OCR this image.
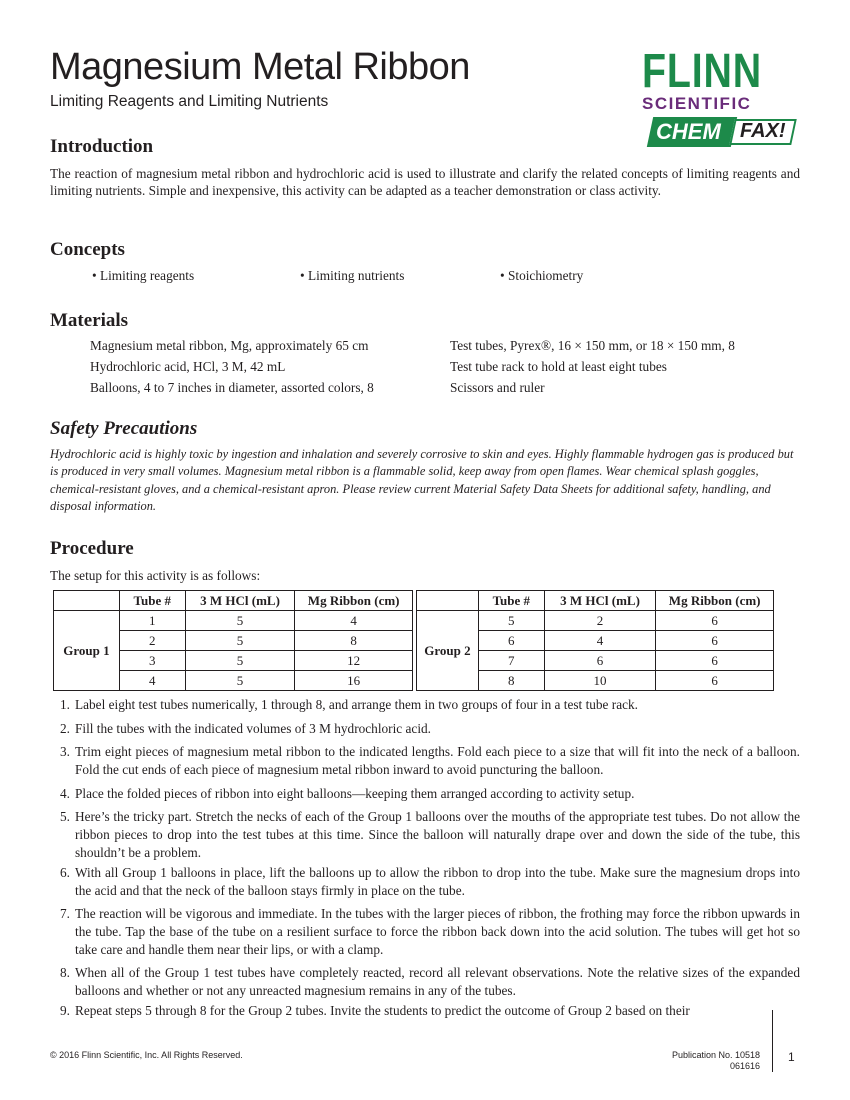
Magnesium Metal Ribbon
Limiting Reagents and Limiting Nutrients
FLINN
SCIENTIFIC
CHEM FAX!
Introduction
The reaction of magnesium metal ribbon and hydrochloric acid is used to illustrate and clarify the related concepts of limiting reagents and limiting nutrients. Simple and inexpensive, this activity can be adapted as a teacher demonstration or class activity.
Concepts
• Limiting reagents	• Limiting nutrients	• Stoichiometry
Materials
Magnesium metal ribbon, Mg, approximately 65 cm
Hydrochloric acid, HCl, 3 M, 42 mL
Balloons, 4 to 7 inches in diameter, assorted colors, 8
Test tubes, Pyrex®, 16 × 150 mm, or 18 × 150 mm, 8
Test tube rack to hold at least eight tubes
Scissors and ruler
Safety Precautions
Hydrochloric acid is highly toxic by ingestion and inhalation and severely corrosive to skin and eyes. Highly flammable hydrogen gas is produced but is produced in very small volumes. Magnesium metal ribbon is a flammable solid, keep away from open flames. Wear chemical splash goggles, chemical-resistant gloves, and a chemical-resistant apron. Please review current Material Safety Data Sheets for additional safety, handling, and disposal information.
Procedure
The setup for this activity is as follows:
	Tube #	3 M HCl (mL)	Mg Ribbon (cm)
Group 1	1	5	4
	2	5	8
	3	5	12
	4	5	16
	Tube #	3 M HCl (mL)	Mg Ribbon (cm)
Group 2	5	2	6
	6	4	6
	7	6	6
	8	10	6
1. Label eight test tubes numerically, 1 through 8, and arrange them in two groups of four in a test tube rack.
2. Fill the tubes with the indicated volumes of 3 M hydrochloric acid.
3. Trim eight pieces of magnesium metal ribbon to the indicated lengths. Fold each piece to a size that will fit into the neck of a balloon. Fold the cut ends of each piece of magnesium metal ribbon inward to avoid puncturing the balloon.
4. Place the folded pieces of ribbon into eight balloons—keeping them arranged according to activity setup.
5. Here’s the tricky part. Stretch the necks of each of the Group 1 balloons over the mouths of the appropriate test tubes. Do not allow the ribbon pieces to drop into the test tubes at this time. Since the balloon will naturally drape over and down the side of the tube, this shouldn’t be a problem.
6. With all Group 1 balloons in place, lift the balloons up to allow the ribbon to drop into the tube. Make sure the magnesium drops into the acid and that the neck of the balloon stays firmly in place on the tube.
7. The reaction will be vigorous and immediate. In the tubes with the larger pieces of ribbon, the frothing may force the ribbon upwards in the tube. Tap the base of the tube on a resilient surface to force the ribbon back down into the acid solution. The tubes will get hot so take care and handle them near their lips, or with a clamp.
8. When all of the Group 1 test tubes have completely reacted, record all relevant observations. Note the relative sizes of the expanded balloons and whether or not any unreacted magnesium remains in any of the tubes.
9. Repeat steps 5 through 8 for the Group 2 tubes. Invite the students to predict the outcome of Group 2 based on their
© 2016 Flinn Scientific, Inc. All Rights Reserved.	Publication No. 10518
061616
1
